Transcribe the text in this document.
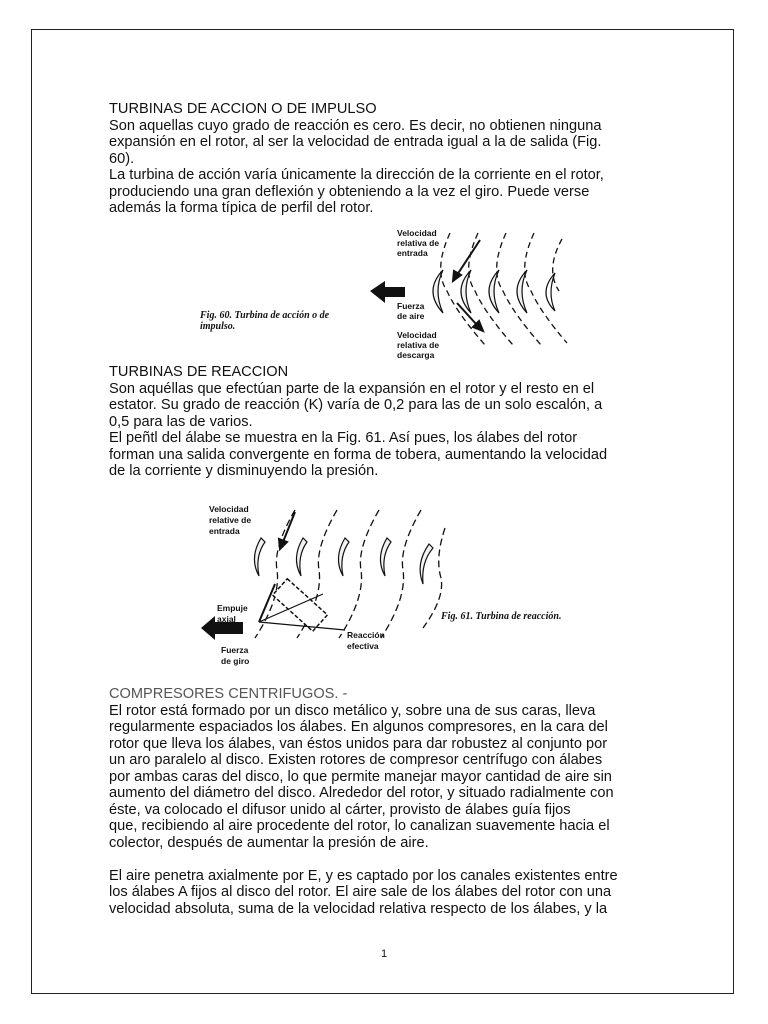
TURBINAS DE ACCION O DE IMPULSO

Son aquellas cuyo grado de reacción es cero. Es decir, no obtienen ninguna

expansión en el rotor, al ser la velocidad de entrada igual a la de salida (Fig.

60).

La turbina de acción varía únicamente la dirección de la corriente en el rotor,

produciendo una gran deflexión y obteniendo a la vez el giro. Puede verse

además la forma típica de perfil del rotor.

Fig. 60. Turbina de acción o de
impulso.
Fuerza
de aire
Velocidad
relativa de
entrada
Velocidad
relativa de
descarga

TURBINAS DE REACCION

Son aquéllas que efectúan parte de la expansión en el rotor y el resto en el

estator. Su grado de reacción (K) varía de 0,2 para las de un solo escalón, a

0,5 para las de varios.

El peñtl del álabe se muestra en la Fig. 61. Así pues, los álabes del rotor

forman una salida convergente en forma de tobera, aumentando la velocidad

de la corriente y disminuyendo la presión.

Velocidad
relative de
entrada
Empuje
axial
Fuerza
de giro
Reacción
efectiva
Fig. 61. Turbina de reacción.

COMPRESORES CENTRIFUGOS. -

El rotor está formado por un disco metálico y, sobre una de sus caras, lleva

regularmente espaciados los álabes. En algunos compresores, en la cara del

rotor que lleva los álabes, van éstos unidos para dar robustez al conjunto por

un aro paralelo al disco. Existen rotores de compresor centrífugo con álabes

por ambas caras del disco, lo que permite manejar mayor cantidad de aire sin

aumento del diámetro del disco. Alrededor del rotor, y situado radialmente con

éste, va colocado el difusor unido al cárter, provisto de álabes guía fijos

que, recibiendo al aire procedente del rotor, lo canalizan suavemente hacia el

colector, después de aumentar la presión de aire.

El aire penetra axialmente por E, y es captado por los canales existentes entre

los álabes A fijos al disco del rotor. El aire sale de los álabes del rotor con una

velocidad absoluta, suma de la velocidad relativa respecto de los álabes, y la

1
